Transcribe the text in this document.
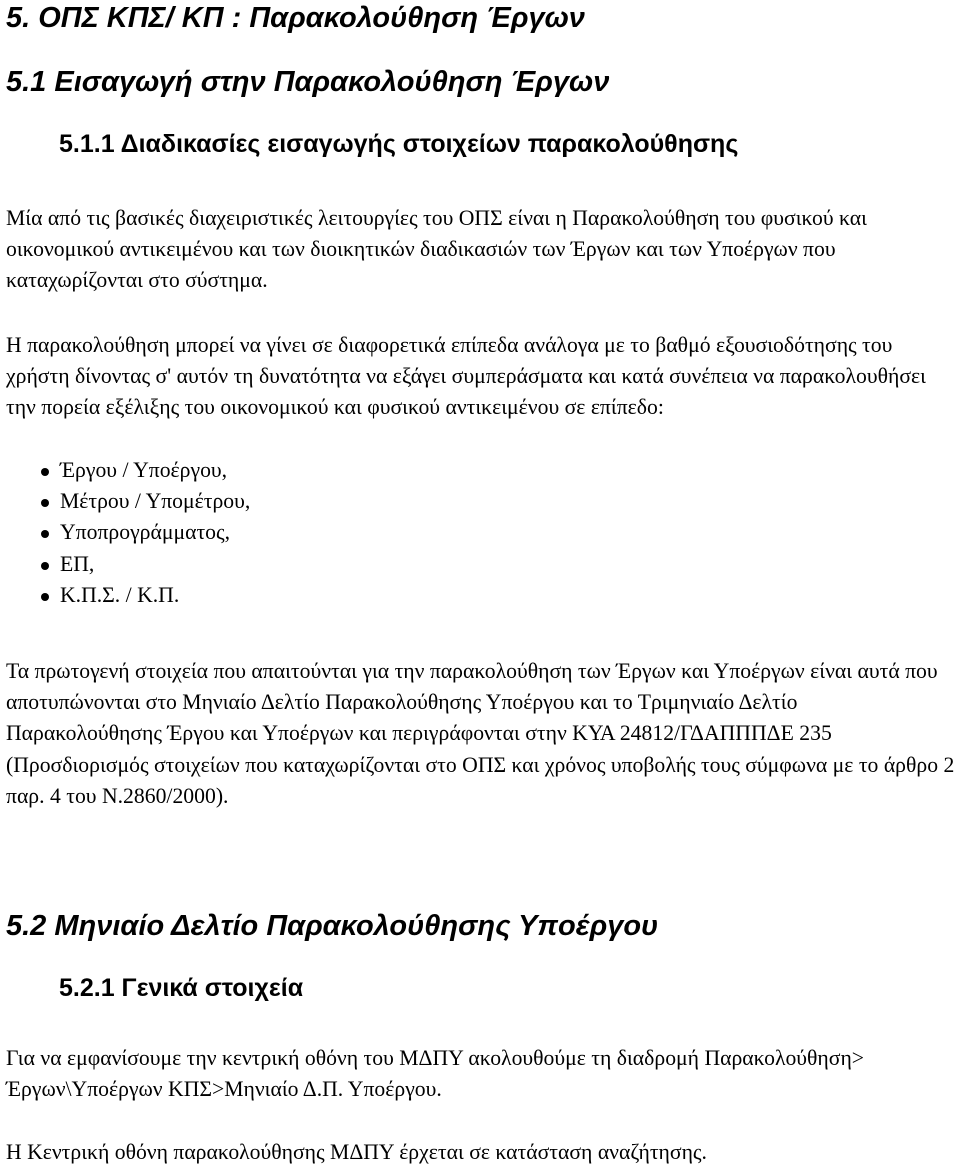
5. ΟΠΣ ΚΠΣ/ ΚΠ : Παρακολούθηση Έργων
5.1 Εισαγωγή στην Παρακολούθηση Έργων
5.1.1 Διαδικασίες εισαγωγής στοιχείων παρακολούθησης

Μία από τις βασικές διαχειριστικές λειτουργίες του ΟΠΣ είναι η Παρακολούθηση του φυσικού και οικονομικού αντικειμένου και των διοικητικών διαδικασιών των Έργων και των Υποέργων που καταχωρίζονται στο σύστημα.

Η παρακολούθηση μπορεί να γίνει σε διαφορετικά επίπεδα ανάλογα με το βαθμό εξουσιοδότησης του χρήστη δίνοντας σ' αυτόν τη δυνατότητα να εξάγει συμπεράσματα και κατά συνέπεια να παρακολουθήσει την πορεία εξέλιξης του οικονομικού και φυσικού αντικειμένου σε επίπεδο:

Έργου / Υποέργου,
Μέτρου / Υπομέτρου,
Υποπρογράμματος,
ΕΠ,
Κ.Π.Σ. / Κ.Π.

Τα πρωτογενή στοιχεία που απαιτούνται για την παρακολούθηση των Έργων και Υποέργων είναι αυτά που αποτυπώνονται στο Μηνιαίο Δελτίο Παρακολούθησης Υποέργου και το Τριμηνιαίο Δελτίο Παρακολούθησης Έργου και Υποέργων και περιγράφονται στην ΚΥΑ 24812/ΓΔΑΠΠΠΔΕ 235 (Προσδιορισμός στοιχείων που καταχωρίζονται στο ΟΠΣ και χρόνος υποβολής τους σύμφωνα με το άρθρο 2 παρ. 4 του Ν.2860/2000).

5.2 Μηνιαίο Δελτίο Παρακολούθησης Υποέργου
5.2.1 Γενικά στοιχεία

Για να εμφανίσουμε την κεντρική οθόνη του ΜΔΠΥ ακολουθούμε τη διαδρομή Παρακολούθηση> Έργων\Υποέργων ΚΠΣ>Μηνιαίο Δ.Π. Υποέργου.

Η Κεντρική οθόνη παρακολούθησης ΜΔΠΥ έρχεται σε κατάσταση αναζήτησης.
